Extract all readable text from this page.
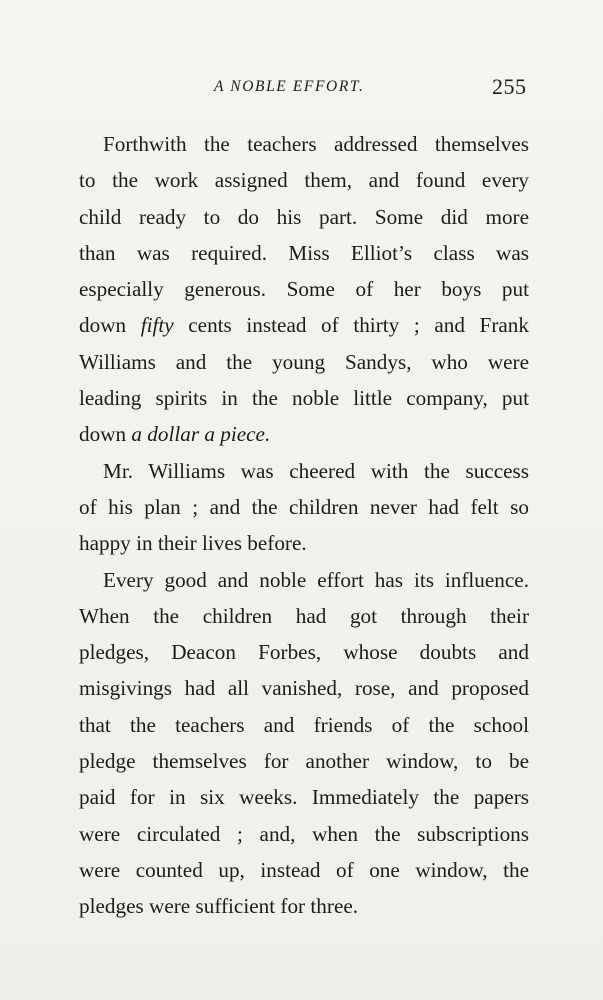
A NOBLE EFFORT.	255
Forthwith the teachers addressed themselves
to the work assigned them, and found every
child ready to do his part. Some did more
than was required. Miss Elliot’s class was
especially generous. Some of her boys put
down fifty cents instead of thirty ; and Frank
Williams and the young Sandys, who were
leading spirits in the noble little company, put
down a dollar a piece.
Mr. Williams was cheered with the success
of his plan ; and the children never had felt so
happy in their lives before.
Every good and noble effort has its influence.
When the children had got through their
pledges, Deacon Forbes, whose doubts and
misgivings had all vanished, rose, and proposed
that the teachers and friends of the school
pledge themselves for another window, to be
paid for in six weeks. Immediately the papers
were circulated ; and, when the subscriptions
were counted up, instead of one window, the
pledges were sufficient for three.
